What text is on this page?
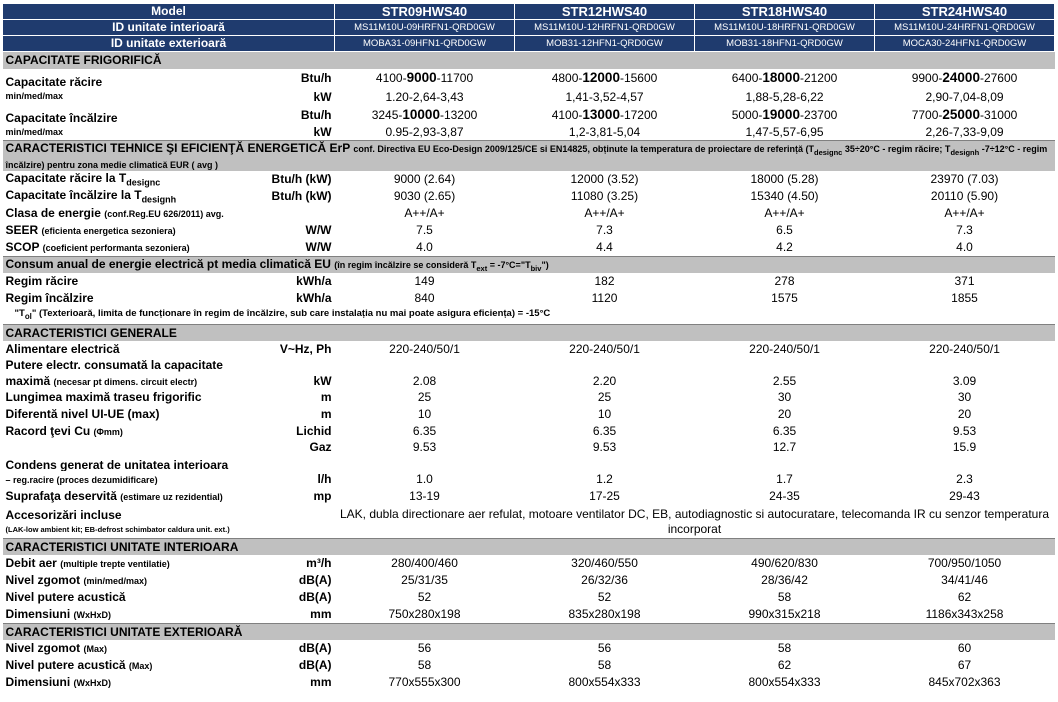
Model		STR09HWS40	STR12HWS40	STR18HWS40	STR24HWS40
ID unitate interioară		MS11M10U-09HRFN1-QRD0GW	MS11M10U-12HRFN1-QRD0GW	MS11M10U-18HRFN1-QRD0GW	MS11M10U-24HRFN1-QRD0GW
ID unitate exterioară		MOBA31-09HFN1-QRD0GW	MOB31-12HFN1-QRD0GW	MOB31-18HFN1-QRD0GW	MOCA30-24HFN1-QRD0GW
CAPACITATE FRIGORIFICĂ					
Capacitate răcire	Btu/h	4100-9000-11700	4800-12000-15600	6400-18000-21200	9900-24000-27600
min/med/max	kW	1.20-2,64-3,43	1,41-3,52-4,57	1,88-5,28-6,22	2,90-7,04-8,09
Capacitate încălzire	Btu/h	3245-10000-13200	4100-13000-17200	5000-19000-23700	7700-25000-31000
min/med/max	kW	0.95-2,93-3,87	1,2-3,81-5,04	1,47-5,57-6,95	2,26-7,33-9,09
CARACTERISTICI TEHNICE ŞI EFICIENŢĂ ENERGETICĂ ErP conf. Directiva EU Eco-Design 2009/125/CE si EN14825, obținute la temperatura de proiectare de referință ($T_{designc}$ 35÷20°C - regim răcire; $T_{designh}$ -7÷12°C - regim încălzire) pentru zona medie climatică EUR ( avg )					
Capacitate răcire la $T_{designc}$	Btu/h (kW)	9000 (2.64)	12000 (3.52)	18000 (5.28)	23970 (7.03)
Capacitate încălzire la $T_{designh}$	Btu/h (kW)	9030 (2.65)	11080 (3.25)	15340 (4.50)	20110 (5.90)
Clasa de energie (conf.Reg.EU 626/2011) avg.		A++/A+	A++/A+	A++/A+	A++/A+
SEER (eficienta energetica sezoniera)	W/W	7.5	7.3	6.5	7.3
SCOP (coeficient performanta sezoniera)	W/W	4.0	4.4	4.2	4.0
Consum anual de energie electrică pt media climatică EU (în regim încălzire se consideră $T_{ext}$ = $-7^\circ C="T_{biv}$")					
Regim răcire	kWh/a	149	182	278	371
Regim încălzire	kWh/a	840	1120	1575	1855
"$T_{ol}$" (Texterioară, limita de funcționare în regim de încălzire, sub care instalația nu mai poate asigura eficiența) = -15°C					
CARACTERISTICI GENERALE					
Alimentare electrică	V~Hz, Ph	220-240/50/1	220-240/50/1	220-240/50/1	220-240/50/1
Putere electr. consumată la capacitate					
maximă (necesar pt dimens. circuit electr)	kW	2.08	2.20	2.55	3.09
Lungimea maximă traseu frigorific	m	25	25	30	30
Diferentă nivel UI-UE (max)	m	10	10	20	20
Racord ţevi Cu (Φmm)	Lichid	6.35	6.35	6.35	9.53
	Gaz	9.53	9.53	12.7	15.9
Condens generat de unitatea interioara					
– reg.racire (proces dezumidificare)	l/h	1.0	1.2	1.7	2.3
Suprafaţa deservită (estimare uz rezidential)	mp	13-19	17-25	24-35	29-43
Accesorizări incluse
(LAK-low ambient kit; EB-defrost schimbator caldura unit. ext.)		LAK, dubla directionare aer refulat, motoare ventilator DC, EB, autodiagnostic si autocuratare, telecomanda IR cu senzor temperatura incorporat			
CARACTERISTICI UNITATE INTERIOARA					
Debit aer (multiple trepte ventilatie)	m³/h	280/400/460	320/460/550	490/620/830	700/950/1050
Nivel zgomot (min/med/max)	dB(A)	25/31/35	26/32/36	28/36/42	34/41/46
Nivel putere acustică	dB(A)	52	52	58	62
Dimensiuni (WxHxD)	mm	750x280x198	835x280x198	990x315x218	1186x343x258
CARACTERISTICI UNITATE EXTERIOARĂ					
Nivel zgomot (Max)	dB(A)	56	56	58	60
Nivel putere acustică (Max)	dB(A)	58	58	62	67
Dimensiuni (WxHxD)	mm	770x555x300	800x554x333	800x554x333	845x702x363
